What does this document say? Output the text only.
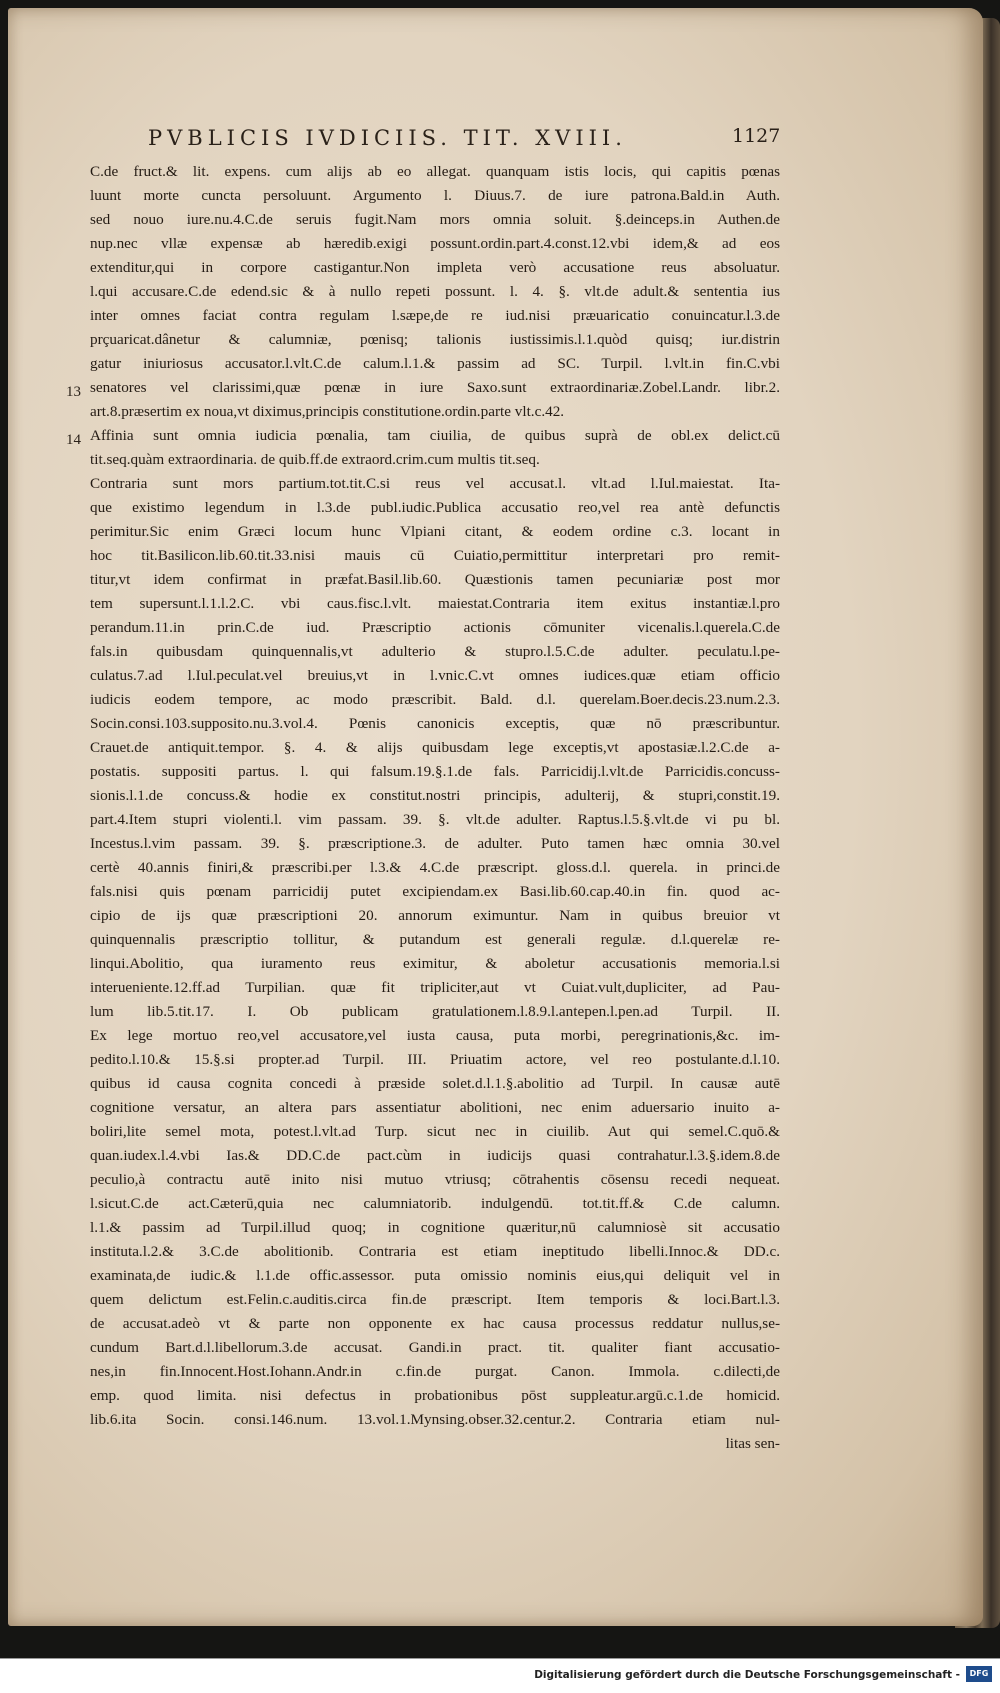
PVBLICIS IVDICIIS. TIT. XVIII.	1127
C.de fruct.& lit. expens. cum alijs ab eo allegat. quanquam istis locis, qui capitis pœnas
luunt morte cuncta persoluunt. Argumento l. Diuus.7. de iure patrona.Bald.in Auth.
sed nouo iure.nu.4.C.de seruis fugit.Nam mors omnia soluit. §.deinceps.in Authen.de
nup.nec vllæ expensæ ab hæredib.exigi possunt.ordin.part.4.const.12.vbi idem,& ad eos
extenditur,qui in corpore castigantur.Non impleta verò accusatione reus absoluatur.
l.qui accusare.C.de edend.sic & à nullo repeti possunt. l. 4. §. vlt.de adult.& sententia ius
inter omnes faciat contra regulam l.sæpe,de re iud.nisi præuaricatio conuincatur.l.3.de
prçuaricat.dânetur & calumniæ, pœnisq; talionis iustissimis.l.1.quòd quisq; iur.distrin
gatur iniuriosus accusator.l.vlt.C.de calum.l.1.& passim ad SC. Turpil. l.vlt.in fin.C.vbi
senatores vel clarissimi,quæ pœnæ in iure Saxo.sunt extraordinariæ.Zobel.Landr. libr.2.
art.8.præsertim ex noua,vt diximus,principis constitutione.ordin.parte vlt.c.42.
Affinia sunt omnia iudicia pœnalia, tam ciuilia, de quibus suprà de obl.ex delict.cū
tit.seq.quàm extraordinaria. de quib.ff.de extraord.crim.cum multis tit.seq.
Contraria sunt mors partium.tot.tit.C.si reus vel accusat.l. vlt.ad l.Iul.maiestat. Ita-
que existimo legendum in l.3.de publ.iudic.Publica accusatio reo,vel rea antè defunctis
perimitur.Sic enim Græci locum hunc Vlpiani citant, & eodem ordine c.3. locant in
hoc tit.Basilicon.lib.60.tit.33.nisi mauis cū Cuiatio,permittitur interpretari pro remit-
titur,vt idem confirmat in præfat.Basil.lib.60. Quæstionis tamen pecuniariæ post mor
tem supersunt.l.1.l.2.C. vbi caus.fisc.l.vlt. maiestat.Contraria item exitus instantiæ.l.pro
perandum.11.in prin.C.de iud. Præscriptio actionis cōmuniter vicenalis.l.querela.C.de
fals.in quibusdam quinquennalis,vt adulterio & stupro.l.5.C.de adulter. peculatu.l.pe-
culatus.7.ad l.Iul.peculat.vel breuius,vt in l.vnic.C.vt omnes iudices.quæ etiam officio
iudicis eodem tempore, ac modo præscribit. Bald. d.l. querelam.Boer.decis.23.num.2.3.
Socin.consi.103.supposito.nu.3.vol.4. Pœnis canonicis exceptis, quæ nō præscribuntur.
Crauet.de antiquit.tempor. §. 4. & alijs quibusdam lege exceptis,vt apostasiæ.l.2.C.de a-
postatis. suppositi partus. l. qui falsum.19.§.1.de fals. Parricidij.l.vlt.de Parricidis.concuss-
sionis.l.1.de concuss.& hodie ex constitut.nostri principis, adulterij, & stupri,constit.19.
part.4.Item stupri violenti.l. vim passam. 39. §. vlt.de adulter. Raptus.l.5.§.vlt.de vi pu bl.
Incestus.l.vim passam. 39. §. præscriptione.3. de adulter. Puto tamen hæc omnia 30.vel
certè 40.annis finiri,& præscribi.per l.3.& 4.C.de præscript. gloss.d.l. querela. in princi.de
fals.nisi quis pœnam parricidij putet excipiendam.ex Basi.lib.60.cap.40.in fin. quod ac-
cipio de ijs quæ præscriptioni 20. annorum eximuntur. Nam in quibus breuior vt
quinquennalis præscriptio tollitur, & putandum est generali regulæ. d.l.querelæ re-
linqui.Abolitio, qua iuramento reus eximitur, & aboletur accusationis memoria.l.si
interueniente.12.ff.ad Turpilian. quæ fit tripliciter,aut vt Cuiat.vult,dupliciter, ad Pau-
lum lib.5.tit.17. I. Ob publicam gratulationem.l.8.9.l.antepen.l.pen.ad Turpil. II.
Ex lege mortuo reo,vel accusatore,vel iusta causa, puta morbi, peregrinationis,&c. im-
pedito.l.10.& 15.§.si propter.ad Turpil. III. Priuatim actore, vel reo postulante.d.l.10.
quibus id causa cognita concedi à præside solet.d.l.1.§.abolitio ad Turpil. In causæ autē
cognitione versatur, an altera pars assentiatur abolitioni, nec enim aduersario inuito a-
boliri,lite semel mota, potest.l.vlt.ad Turp. sicut nec in ciuilib. Aut qui semel.C.quō.&
quan.iudex.l.4.vbi Ias.& DD.C.de pact.cùm in iudicijs quasi contrahatur.l.3.§.idem.8.de
peculio,à contractu autē inito nisi mutuo vtriusq; cōtrahentis cōsensu recedi nequeat.
l.sicut.C.de act.Cæterū,quia nec calumniatorib. indulgendū. tot.tit.ff.& C.de calumn.
l.1.& passim ad Turpil.illud quoq; in cognitione quæritur,nū calumniosè sit accusatio
instituta.l.2.& 3.C.de abolitionib. Contraria est etiam ineptitudo libelli.Innoc.& DD.c.
examinata,de iudic.& l.1.de offic.assessor. puta omissio nominis eius,qui deliquit vel in
quem delictum est.Felin.c.auditis.circa fin.de præscript. Item temporis & loci.Bart.l.3.
de accusat.adeò vt & parte non opponente ex hac causa processus reddatur nullus,se-
cundum Bart.d.l.libellorum.3.de accusat. Gandi.in pract. tit. qualiter fiant accusatio-
nes,in fin.Innocent.Host.Iohann.Andr.in c.fin.de purgat. Canon. Immola. c.dilecti,de
emp. quod limita. nisi defectus in probationibus pōst suppleatur.argū.c.1.de homicid.
lib.6.ita Socin. consi.146.num. 13.vol.1.Mynsing.obser.32.centur.2. Contraria etiam nul-
litas sen-
13
14
Digitalisierung gefördert durch die Deutsche Forschungsgemeinschaft -	DFG
